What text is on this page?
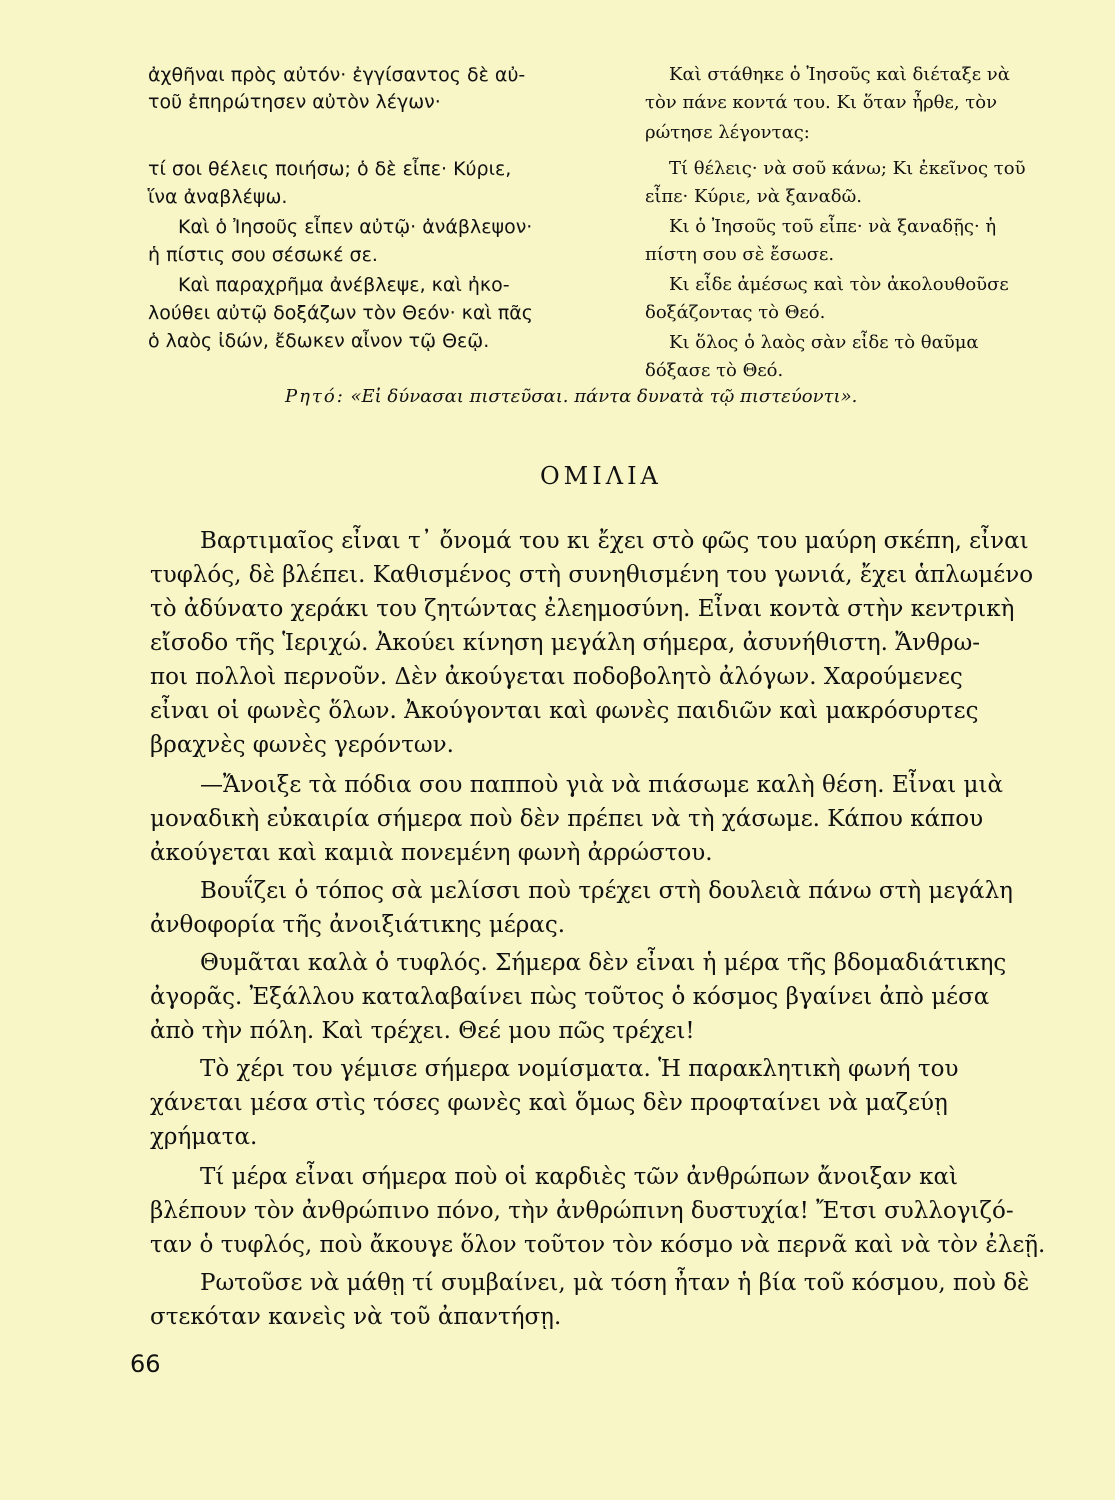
ἀχθῆναι πρὸς αὐτόν· ἐγγίσαντος δὲ αὐ-
τοῦ ἐπηρώτησεν αὐτὸν λέγων·
τί σοι θέλεις ποιήσω; ὁ δὲ εἶπε· Κύριε,
ἵνα ἀναβλέψω.
Καὶ ὁ Ἰησοῦς εἶπεν αὐτῷ· ἀνάβλεψον·
ἡ πίστις σου σέσωκέ σε.
Καὶ παραχρῆμα ἀνέβλεψε, καὶ ἠκο-
λούθει αὐτῷ δοξάζων τὸν Θεόν· καὶ πᾶς
ὁ λαὸς ἰδών, ἔδωκεν αἶνον τῷ Θεῷ.
Καὶ στάθηκε ὁ Ἰησοῦς καὶ διέταξε νὰ
τὸν πάνε κοντά του. Κι ὅταν ἦρθε, τὸν
ρώτησε λέγοντας:
Τί θέλεις· νὰ σοῦ κάνω; Κι ἐκεῖνος τοῦ
εἶπε· Κύριε, νὰ ξαναδῶ.
Κι ὁ Ἰησοῦς τοῦ εἶπε· νὰ ξαναδῇς· ἡ
πίστη σου σὲ ἔσωσε.
Κι εἶδε ἀμέσως καὶ τὸν ἀκολουθοῦσε
δοξάζοντας τὸ Θεό.
Κι ὅλος ὁ λαὸς σὰν εἶδε τὸ θαῦμα
δόξασε τὸ Θεό.
Ρητό: «Εἰ δύνασαι πιστεῦσαι. πάντα δυνατὰ τῷ πιστεύοντι».
ΟΜΙΛΙΑ
Βαρτιμαῖος εἶναι τ᾿ ὄνομά του κι ἔχει στὸ φῶς του μαύρη σκέπη, εἶναι
τυφλός, δὲ βλέπει. Καθισμένος στὴ συνηθισμένη του γωνιά, ἔχει ἁπλωμένο
τὸ ἀδύνατο χεράκι του ζητώντας ἐλεημοσύνη. Εἶναι κοντὰ στὴν κεντρικὴ
εἴσοδο τῆς Ἱεριχώ. Ἀκούει κίνηση μεγάλη σήμερα, ἀσυνήθιστη. Ἄνθρω-
ποι πολλοὶ περνοῦν. Δὲν ἀκούγεται ποδοβολητὸ ἀλόγων. Χαρούμενες
εἶναι οἱ φωνὲς ὅλων. Ἀκούγονται καὶ φωνὲς παιδιῶν καὶ μακρόσυρτες
βραχνὲς φωνὲς γερόντων.
—Ἄνοιξε τὰ πόδια σου παπποὺ γιὰ νὰ πιάσωμε καλὴ θέση. Εἶναι μιὰ
μοναδικὴ εὐκαιρία σήμερα ποὺ δὲν πρέπει νὰ τὴ χάσωμε. Κάπου κάπου
ἀκούγεται καὶ καμιὰ πονεμένη φωνὴ ἀρρώστου.
Βουΐζει ὁ τόπος σὰ μελίσσι ποὺ τρέχει στὴ δουλειὰ πάνω στὴ μεγάλη
ἀνθοφορία τῆς ἀνοιξιάτικης μέρας.
Θυμᾶται καλὰ ὁ τυφλός. Σήμερα δὲν εἶναι ἡ μέρα τῆς βδομαδιάτικης
ἀγορᾶς. Ἐξάλλου καταλαβαίνει πὼς τοῦτος ὁ κόσμος βγαίνει ἀπὸ μέσα
ἀπὸ τὴν πόλη. Καὶ τρέχει. Θεέ μου πῶς τρέχει!
Τὸ χέρι του γέμισε σήμερα νομίσματα. Ἡ παρακλητικὴ φωνή του
χάνεται μέσα στὶς τόσες φωνὲς καὶ ὅμως δὲν προφταίνει νὰ μαζεύῃ
χρήματα.
Τί μέρα εἶναι σήμερα ποὺ οἱ καρδιὲς τῶν ἀνθρώπων ἄνοιξαν καὶ
βλέπουν τὸν ἀνθρώπινο πόνο, τὴν ἀνθρώπινη δυστυχία! Ἔτσι συλλογιζό-
ταν ὁ τυφλός, ποὺ ἄκουγε ὅλον τοῦτον τὸν κόσμο νὰ περνᾶ καὶ νὰ τὸν ἐλεῇ.
Ρωτοῦσε νὰ μάθῃ τί συμβαίνει, μὰ τόση ἦταν ἡ βία τοῦ κόσμου, ποὺ δὲ
στεκόταν κανεὶς νὰ τοῦ ἀπαντήσῃ.
66
